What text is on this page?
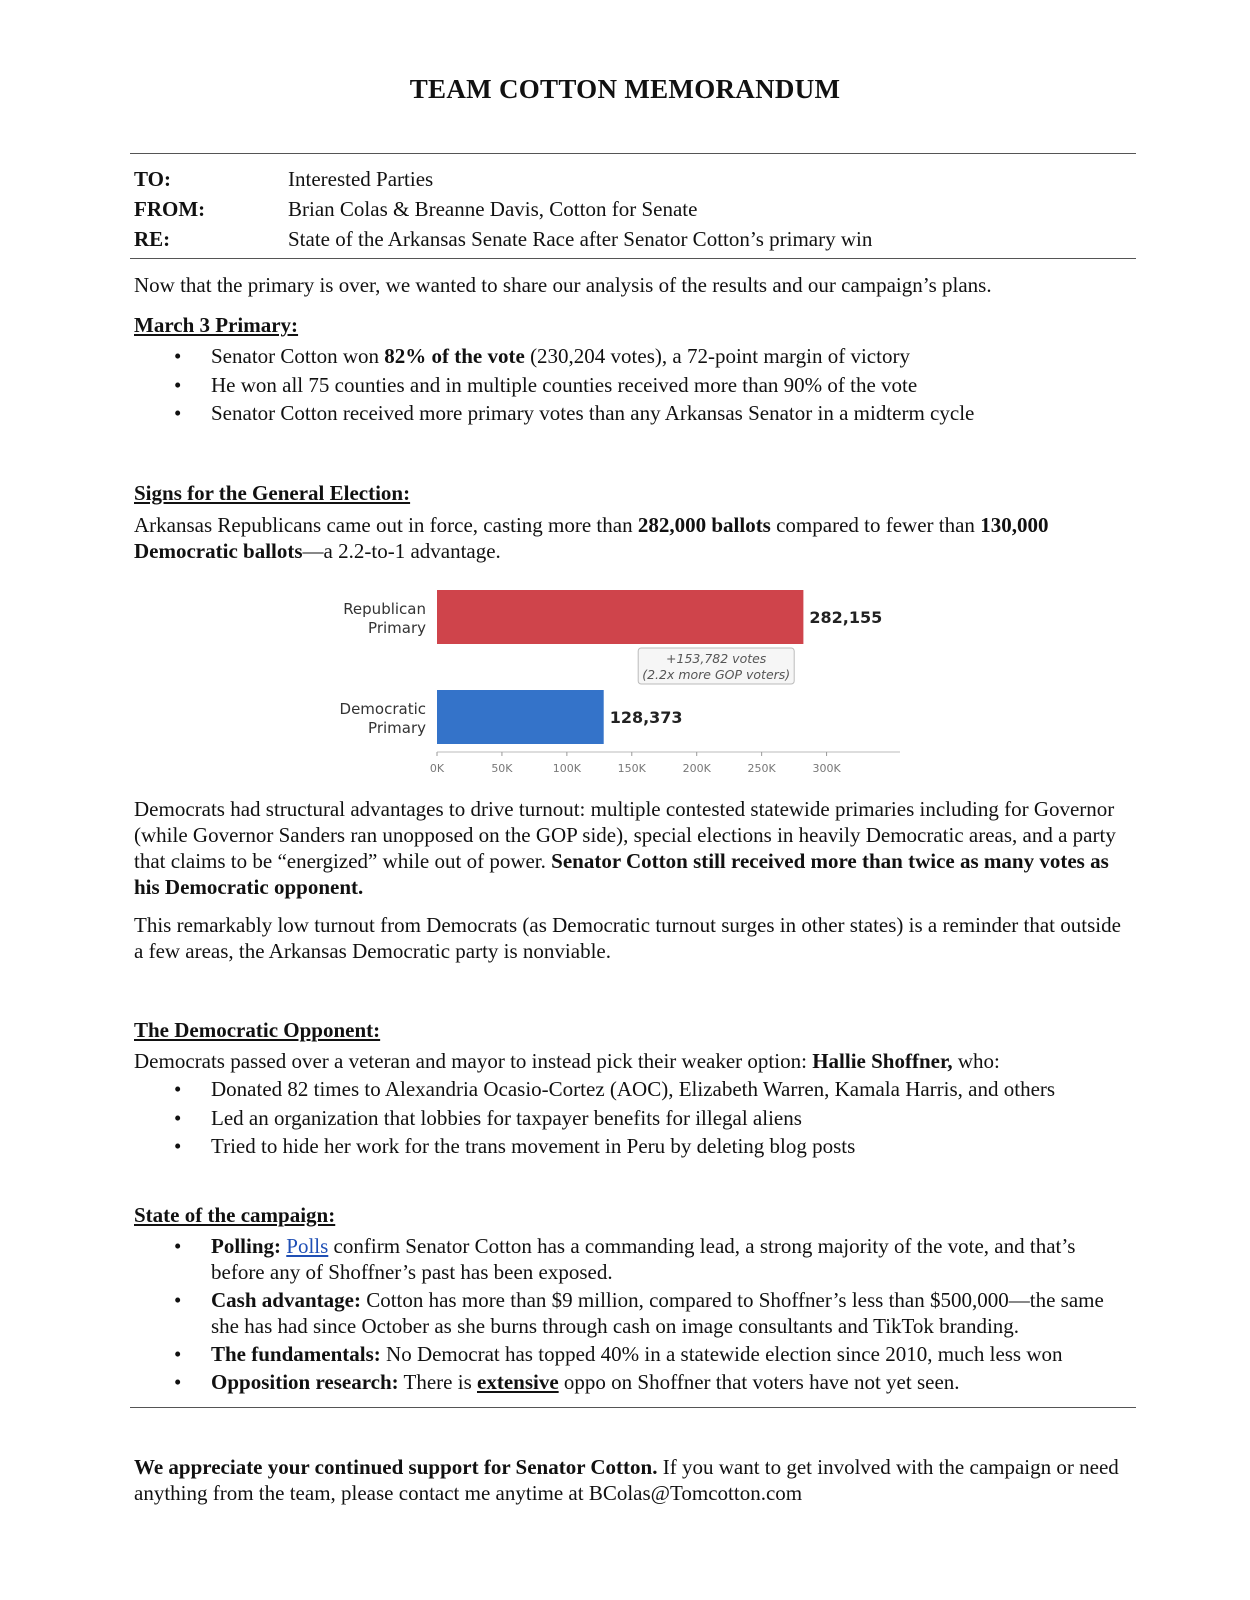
TEAM COTTON MEMORANDUM
TO:	Interested Parties
FROM:	Brian Colas & Breanne Davis, Cotton for Senate
RE:	State of the Arkansas Senate Race after Senator Cotton’s primary win
Now that the primary is over, we wanted to share our analysis of the results and our campaign’s plans.
March 3 Primary:
• Senator Cotton won 82% of the vote (230,204 votes), a 72-point margin of victory
• He won all 75 counties and in multiple counties received more than 90% of the vote
• Senator Cotton received more primary votes than any Arkansas Senator in a midterm cycle
Signs for the General Election:
Arkansas Republicans came out in force, casting more than 282,000 ballots compared to fewer than 130,000 Democratic ballots—a 2.2-to-1 advantage.
282,155
Republican
Primary
128,373
Democratic
Primary
0K	50K	100K	150K	200K	250K	300K
+153,782 votes
(2.2x more GOP voters)
Democrats had structural advantages to drive turnout: multiple contested statewide primaries including for Governor (while Governor Sanders ran unopposed on the GOP side), special elections in heavily Democratic areas, and a party that claims to be “energized” while out of power. Senator Cotton still received more than twice as many votes as his Democratic opponent.
This remarkably low turnout from Democrats (as Democratic turnout surges in other states) is a reminder that outside a few areas, the Arkansas Democratic party is nonviable.
The Democratic Opponent:
Democrats passed over a veteran and mayor to instead pick their weaker option: Hallie Shoffner, who:
• Donated 82 times to Alexandria Ocasio-Cortez (AOC), Elizabeth Warren, Kamala Harris, and others
• Led an organization that lobbies for taxpayer benefits for illegal aliens
• Tried to hide her work for the trans movement in Peru by deleting blog posts
State of the campaign:
• Polling: Polls confirm Senator Cotton has a commanding lead, a strong majority of the vote, and that’s before any of Shoffner’s past has been exposed.
• Cash advantage: Cotton has more than $9 million, compared to Shoffner’s less than $500,000—the same she has had since October as she burns through cash on image consultants and TikTok branding.
• The fundamentals: No Democrat has topped 40% in a statewide election since 2010, much less won
• Opposition research: There is extensive oppo on Shoffner that voters have not yet seen.
We appreciate your continued support for Senator Cotton. If you want to get involved with the campaign or need anything from the team, please contact me anytime at BColas@Tomcotton.com
